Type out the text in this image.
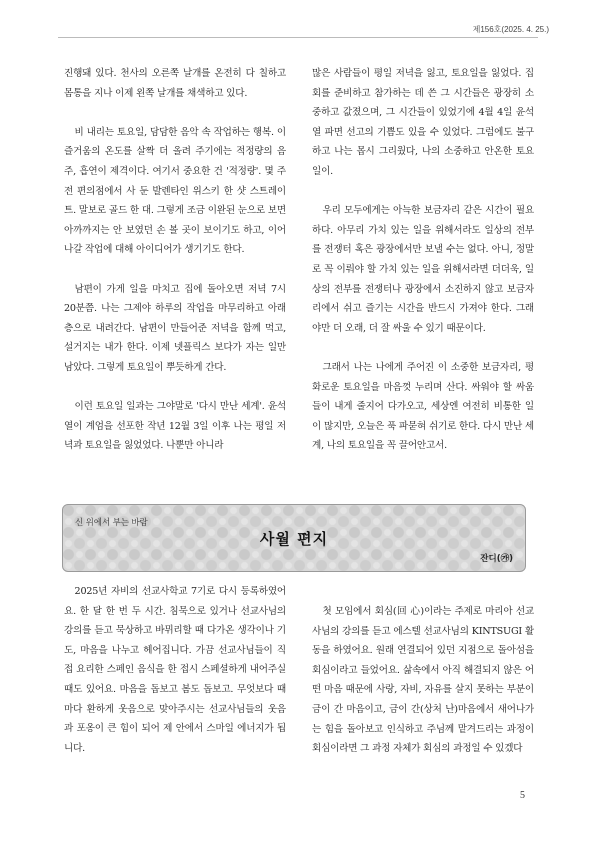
제156호(2025. 4. 25.)

진행돼 있다. 천사의 오른쪽 날개를 온전히 다 칠하고 몸통을 지나 이제 왼쪽 날개를 채색하고 있다.

비 내리는 토요일, 담담한 음악 속 작업하는 행복. 이 즐거움의 온도를 살짝 더 올려 주기에는 적정량의 음주, 흡연이 제격이다. 여기서 중요한 건 '적정량'. 몇 주 전 편의점에서 사 둔 발렌타인 위스키 한 샷 스트레이트. 말보로 골드 한 대. 그렇게 조금 이완된 눈으로 보면 아까까지는 안 보였던 손 볼 곳이 보이기도 하고, 이어 나갈 작업에 대해 아이디어가 생기기도 한다.

남편이 가게 일을 마치고 집에 돌아오면 저녁 7시 20분쯤. 나는 그제야 하루의 작업을 마무리하고 아래층으로 내려간다. 남편이 만들어준 저녁을 함께 먹고, 설거지는 내가 한다. 이제 넷플릭스 보다가 자는 일만 남았다. 그렇게 토요일이 뿌듯하게 간다.

이런 토요일 일과는 그야말로 '다시 만난 세계'. 윤석열이 계엄을 선포한 작년 12월 3일 이후 나는 평일 저녁과 토요일을 잃었었다. 나뿐만 아니라

많은 사람들이 평일 저녁을 잃고, 토요일을 잃었다. 집회를 준비하고 참가하는 데 쓴 그 시간들은 광장히 소중하고 값졌으며, 그 시간들이 있었기에 4월 4일 윤석열 파면 선고의 기쁨도 있을 수 있었다. 그럼에도 불구하고 나는 몹시 그리웠다, 나의 소중하고 안온한 토요일이.

우리 모두에게는 아늑한 보금자리 같은 시간이 필요하다. 아무리 가치 있는 일을 위해서라도 일상의 전부를 전쟁터 혹은 광장에서만 보낼 수는 없다. 아니, 정말로 꼭 이뤄야 할 가치 있는 일을 위해서라면 더더욱, 일상의 전부를 전쟁터나 광장에서 소진하지 않고 보금자리에서 쉬고 즐기는 시간을 반드시 가져야 한다. 그래야만 더 오래, 더 잘 싸울 수 있기 때문이다.

그래서 나는 나에게 주어진 이 소중한 보금자리, 평화로운 토요일을 마음껏 누리며 산다. 싸워야 할 싸움들이 내게 줄지어 다가오고, 세상엔 여전히 비통한 일이 많지만, 오늘은 푹 파묻혀 쉬기로 한다. 다시 만난 세계, 나의 토요일을 꼭 끌어안고서.

신 위에서 부는 바람
사월 편지
잔디(㉮)

2025년 자비의 선교사학교 7기로 다시 등록하였어요. 한 달 한 번 두 시간. 침묵으로 있거나 선교사님의 강의를 듣고 묵상하고 바뮈리할 때 다가온 생각이나 기도, 마음을 나누고 헤어집니다. 가끔 선교사님들이 직접 요리한 스페인 음식을 한 접시 스페셜하게 내어주실 때도 있어요. 마음을 돕보고 봄도 돕보고. 무엇보다 때마다 환하게 웃음으로 맞아주시는 선교사님들의 웃음과 포옹이 큰 힘이 되어 제 안에서 스마일 에너지가 됩니다.

첫 모임에서 회심(回 心)이라는 주제로 마리아 선교사님의 강의를 듣고 에스텔 선교사님의 KINTSUGI 활동을 하였어요. 원래 연결되어 있던 지점으로 돌아섬을 회심이라고 들었어요. 삶속에서 아직 해결되지 않은 어떤 마음 때문에 사랑, 자비, 자유를 살지 못하는 부분이 금이 간 마음이고, 금이 간(상처 난)마음에서 새어나가는 힘을 돌아보고 인식하고 주님께 맡겨드리는 과정이 회심이라면 그 과정 자체가 회심의 과정일 수 있겠다

5
